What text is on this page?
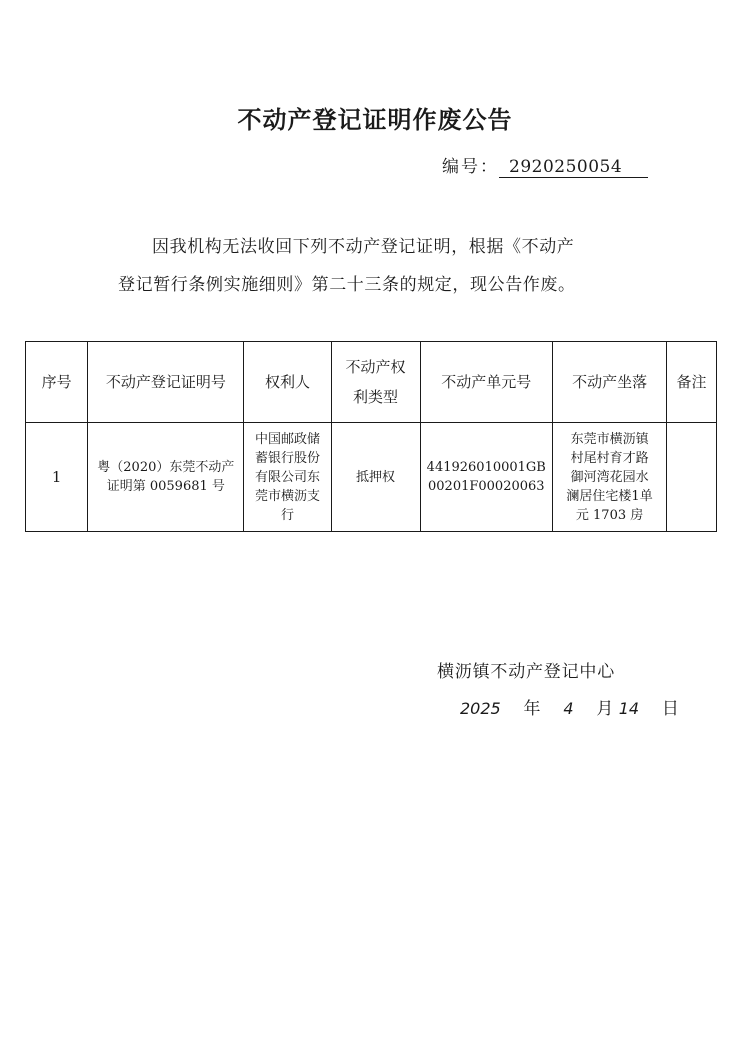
不动产登记证明作废公告
编号： 2920250054
因我机构无法收回下列不动产登记证明，根据《不动产
登记暂行条例实施细则》第二十三条的规定，现公告作废。
序号	不动产登记证明号	权利人	不动产权
利类型	不动产单元号	不动产坐落	备注
1	粤（2020）东莞不动产
证明第 0059681 号	中国邮政储
蓄银行股份
有限公司东
莞市横沥支
行	抵押权	441926010001GB
00201F00020063	东莞市横沥镇
村尾村育才路
御河湾花园水
澜居住宅楼1单
元 1703 房	
横沥镇不动产登记中心
2025 年 4 月 14 日
